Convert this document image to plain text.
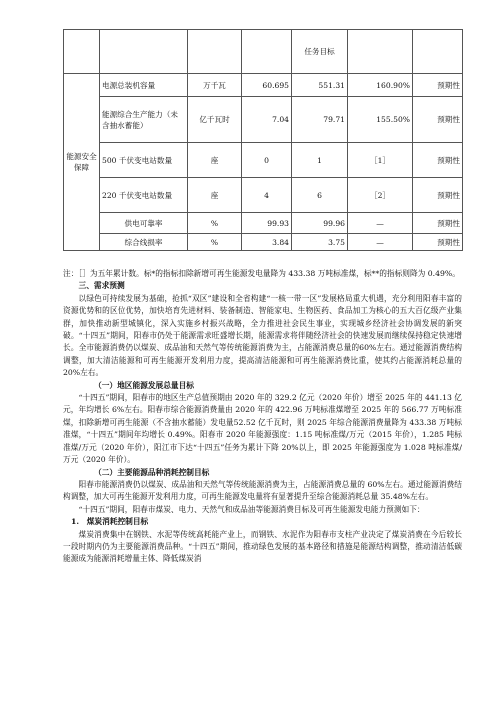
				任务目标		
能源安全保障	电源总装机容量	万千瓦	60.695	551.31	160.90%	预期性
	能源综合生产能力（未含抽水蓄能）	亿千瓦时	7.04	79.71	155.50%	预期性
	500 千伏变电站数量	座	0	1	［1］	预期性
	220 千伏变电站数量	座	4	6	［2］	预期性
	供电可靠率	%	99.93	99.96	—	预期性
	综合线损率	%	3.84	3.75	—	预期性

注：［］为五年累计数。标*的指标扣除新增可再生能源发电量降为 433.38 万吨标准煤，标**的指标则降为 0.49%。

三、需求预测

以绿色可持续发展为基础，抢抓“双区”建设和全省构建“一核一带一区”发展格局重大机遇，充分利用阳春丰富的资源优势和的区位优势，加快培育先进材料、装备制造、智能家电、生物医药、食品加工为核心的五大百亿级产业集群，加快推动新型城镇化，深入实施乡村振兴战略，全力推进社会民生事业，实现城乡经济社会协调发展的新突破。“十四五”期间，阳春市仍处于能源需求旺盛增长期，能源需求将伴随经济社会的快速发展而继续保持稳定快速增长。全市能源消费仍以煤炭、成品油和天然气等传统能源消费为主，占能源消费总量的60%左右。通过能源消费结构调整，加大清洁能源和可再生能源开发利用力度，提高清洁能源和可再生能源消费比重，使其约占能源消耗总量的20%左右。

（一）地区能源发展总量目标

“十四五”期间，阳春市的地区生产总值预期由 2020 年的 329.2 亿元（2020 年价）增至 2025 年的 441.13 亿元，年均增长 6%左右。阳春市综合能源消费量由 2020 年的 422.96 万吨标准煤增至 2025 年的 566.77 万吨标准煤，扣除新增可再生能源（不含抽水蓄能）发电量52.52 亿千瓦时，则 2025 年综合能源消费量降为 433.38 万吨标准煤，“十四五”期间年均增长 0.49%。阳春市 2020 年能源强度：1.15 吨标准煤/万元（2015 年价），1.285 吨标准煤/万元（2020 年价），阳江市下达“十四五”任务为累计下降 20%以上，即 2025 年能源强度为 1.028 吨标准煤/万元（2020 年价）。

（二）主要能源品种消耗控制目标

阳春市能源消费仍以煤炭、成品油和天然气等传统能源消费为主，占能源消费总量的 60%左右。通过能源消费结构调整，加大可再生能源开发利用力度，可再生能源发电量将有显著提升至综合能源消耗总量 35.48%左右。

“十四五”期间，阳春市煤炭、电力、天然气和成品油等能源消费目标及可再生能源发电能力预测如下：

1.　煤炭消耗控制目标

煤炭消费集中在钢铁、水泥等传统高耗能产业上，而钢铁、水泥作为阳春市支柱产业决定了煤炭消费在今后较长一段时期内仍为主要能源消费品种。“十四五”期间，推动绿色发展的基本路径和措施是能源结构调整，推动清洁低碳能源成为能源消耗增量主体、降低煤炭消
